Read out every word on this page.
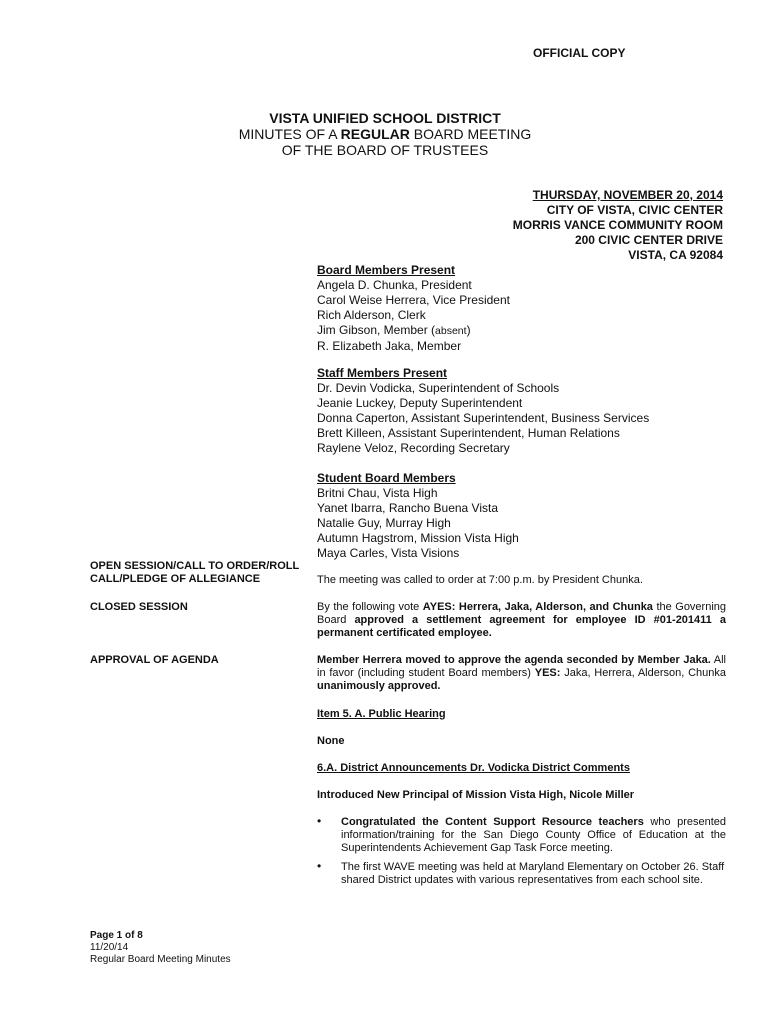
OFFICIAL COPY
VISTA UNIFIED SCHOOL DISTRICT
MINUTES OF A REGULAR BOARD MEETING
OF THE BOARD OF TRUSTEES
THURSDAY, NOVEMBER 20, 2014
CITY OF VISTA, CIVIC CENTER
MORRIS VANCE COMMUNITY ROOM
200 CIVIC CENTER DRIVE
VISTA, CA 92084
Board Members Present
Angela D. Chunka, President
Carol Weise Herrera, Vice President
Rich Alderson, Clerk
Jim Gibson, Member (absent)
R. Elizabeth Jaka, Member
Staff Members Present
Dr. Devin Vodicka, Superintendent of Schools
Jeanie Luckey, Deputy Superintendent
Donna Caperton, Assistant Superintendent, Business Services
Brett Killeen, Assistant Superintendent, Human Relations
Raylene Veloz, Recording Secretary
Student Board Members
Britni Chau, Vista High
Yanet Ibarra, Rancho Buena Vista
Natalie Guy, Murray High
Autumn Hagstrom, Mission Vista High
Maya Carles, Vista Visions
OPEN SESSION/CALL TO ORDER/ROLL
CALL/PLEDGE OF ALLEGIANCE	The meeting was called to order at 7:00 p.m. by President Chunka.
CLOSED SESSION	By the following vote AYES: Herrera, Jaka, Alderson, and Chunka the Governing Board approved a settlement agreement for employee ID #01-201411 a permanent certificated employee.
APPROVAL OF AGENDA	Member Herrera moved to approve the agenda seconded by Member Jaka. All in favor (including student Board members) YES: Jaka, Herrera, Alderson, Chunka unanimously approved.
Item 5. A. Public Hearing
None
6.A. District Announcements Dr. Vodicka District Comments
Introduced New Principal of Mission Vista High, Nicole Miller
• Congratulated the Content Support Resource teachers who presented information/training for the San Diego County Office of Education at the Superintendents Achievement Gap Task Force meeting.
• The first WAVE meeting was held at Maryland Elementary on October 26. Staff shared District updates with various representatives from each school site.
Page 1 of 8
11/20/14
Regular Board Meeting Minutes
